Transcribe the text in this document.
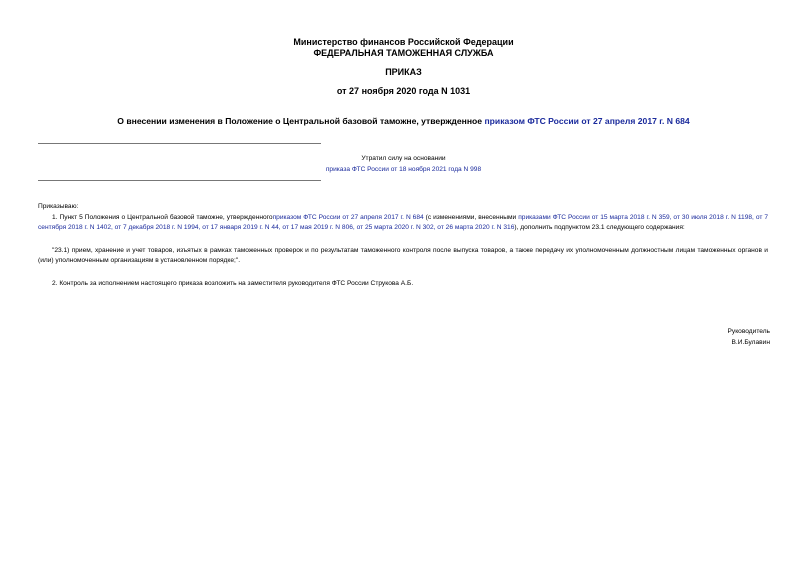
Министерство финансов Российской Федерации
ФЕДЕРАЛЬНАЯ ТАМОЖЕННАЯ СЛУЖБА
ПРИКАЗ
от 27 ноября 2020 года N 1031
О внесении изменения в Положение о Центральной базовой таможне, утвержденное приказом ФТС России от 27 апреля 2017 г. N 684
Утратил силу на основании
приказа ФТС России от 18 ноября 2021 года N 998

Приказываю:

1. Пункт 5 Положения о Центральной базовой таможне, утвержденногоприказом ФТС России от 27 апреля 2017 г. N 684 (с изменениями, внесенными приказами ФТС России от 15 марта 2018 г. N 359, от 30 июля 2018 г. N 1198, от 7 сентября 2018 г. N 1402, от 7 декабря 2018 г. N 1994, от 17 января 2019 г. N 44, от 17 мая 2019 г. N 806, от 25 марта 2020 г. N 302, от 26 марта 2020 г. N 316), дополнить подпунктом 23.1 следующего содержания:

"23.1) прием, хранение и учет товаров, изъятых в рамках таможенных проверок и по результатам таможенного контроля после выпуска товаров, а также передачу их уполномоченным должностным лицам таможенных органов и (или) уполномоченным организациям в установленном порядке;".

2. Контроль за исполнением настоящего приказа возложить на заместителя руководителя ФТС России Струкова А.Б.

Руководитель
В.И.Булавин
